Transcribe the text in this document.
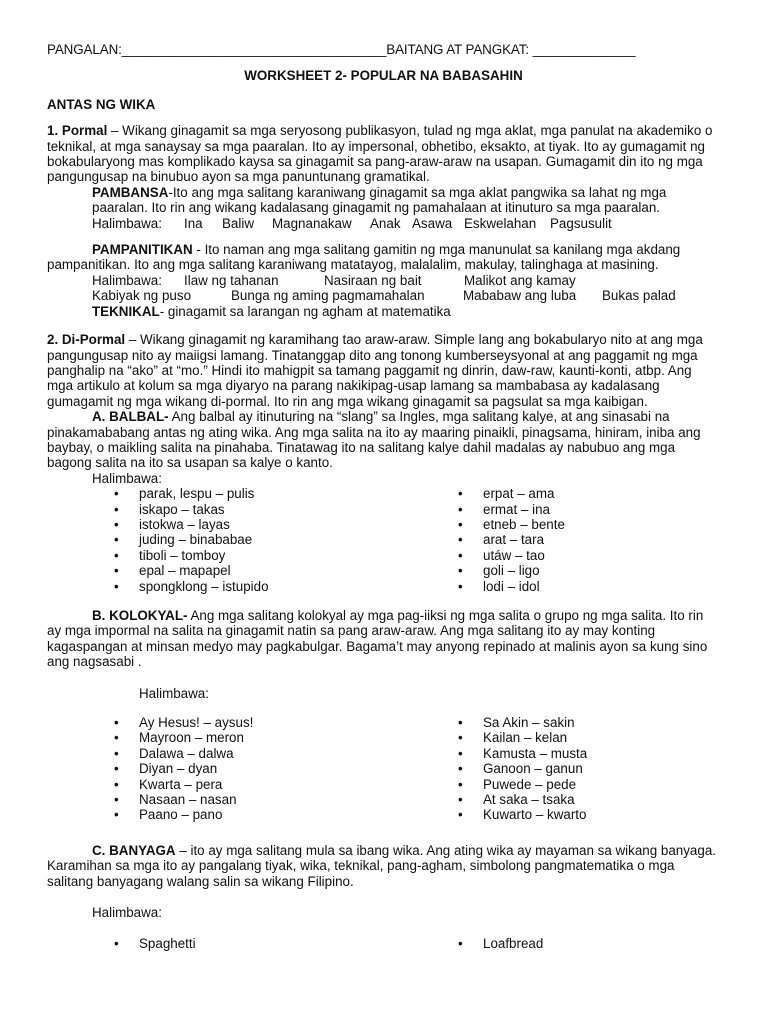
PANGALAN:____________________________________BAITANG AT PANGKAT: ______________
WORKSHEET 2- POPULAR NA BABASAHIN
ANTAS NG WIKA

1. Pormal – Wikang ginagamit sa mga seryosong publikasyon, tulad ng mga aklat, mga panulat na akademiko o teknikal, at mga sanaysay sa mga paaralan. Ito ay impersonal, obhetibo, eksakto, at tiyak. Ito ay gumagamit ng bokabularyong mas komplikado kaysa sa ginagamit sa pang-araw-araw na usapan. Gumagamit din ito ng mga pangungusap na binubuo ayon sa mga panuntunang gramatikal.

PAMBANSA-Ito ang mga salitang karaniwang ginagamit sa mga aklat pangwika sa lahat ng mga paaralan. Ito rin ang wikang kadalasang ginagamit ng pamahalaan at itinuturo sa mga paaralan.

Halimbawa:	Ina	Baliw	Magnanakaw	Anak Asawa Eskwelahan	Pagsusulit

PAMPANITIKAN - Ito naman ang mga salitang gamitin ng mga manunulat sa kanilang mga akdang pampanitikan. Ito ang mga salitang karaniwang matatayog, malalalim, makulay, talinghaga at masining.

Halimbawa:	Ilaw ng tahanan	Nasiraan ng bait	Malikot ang kamay
Kabiyak ng puso	Bunga ng aming pagmamahalan	Mababaw ang luba	Bukas palad

TEKNIKAL- ginagamit sa larangan ng agham at matematika

2. Di-Pormal – Wikang ginagamit ng karamihang tao araw-araw. Simple lang ang bokabularyo nito at ang mga pangungusap nito ay maiigsi lamang. Tinatanggap dito ang tonong kumberseysyonal at ang paggamit ng mga panghalip na “ako” at “mo.” Hindi ito mahigpit sa tamang paggamit ng dinrin, daw-raw, kaunti-konti, atbp. Ang mga artikulo at kolum sa mga diyaryo na parang nakikipag-usap lamang sa mambabasa ay kadalasang gumagamit ng mga wikang di-pormal. Ito rin ang mga wikang ginagamit sa pagsulat sa mga kaibigan.

A. BALBAL- Ang balbal ay itinuturing na “slang” sa Ingles, mga salitang kalye, at ang sinasabi na pinakamababang antas ng ating wika. Ang mga salita na ito ay maaring pinaikli, pinagsama, hiniram, iniba ang baybay, o maikling salita na pinahaba. Tinatawag ito na salitang kalye dahil madalas ay nabubuo ang mga bagong salita na ito sa usapan sa kalye o kanto.

Halimbawa:
• parak, lespu – pulis
• iskapo – takas
• istokwa – layas
• juding – binababae
• tiboli – tomboy
• epal – mapapel
• spongklong – istupido
• erpat – ama
• ermat – ina
• etneb – bente
• arat – tara
• utáw – tao
• goli – ligo
• lodi – idol

B. KOLOKYAL- Ang mga salitang kolokyal ay mga pag-iiksi ng mga salita o grupo ng mga salita. Ito rin ay mga impormal na salita na ginagamit natin sa pang araw-araw. Ang mga salitang ito ay may konting kagaspangan at minsan medyo may pagkabulgar. Bagama’t may anyong repinado at malinis ayon sa kung sino ang nagsasabi .

Halimbawa:
• Ay Hesus! – aysus!
• Mayroon – meron
• Dalawa – dalwa
• Diyan – dyan
• Kwarta – pera
• Nasaan – nasan
• Paano – pano
• Sa Akin – sakin
• Kailan – kelan
• Kamusta – musta
• Ganoon – ganun
• Puwede – pede
• At saka – tsaka
• Kuwarto – kwarto

C. BANYAGA – ito ay mga salitang mula sa ibang wika. Ang ating wika ay mayaman sa wikang banyaga. Karamihan sa mga ito ay pangalang tiyak, wika, teknikal, pang-agham, simbolong pangmatematika o mga salitang banyagang walang salin sa wikang Filipino.

Halimbawa:
• Spaghetti
•	Loafbread
